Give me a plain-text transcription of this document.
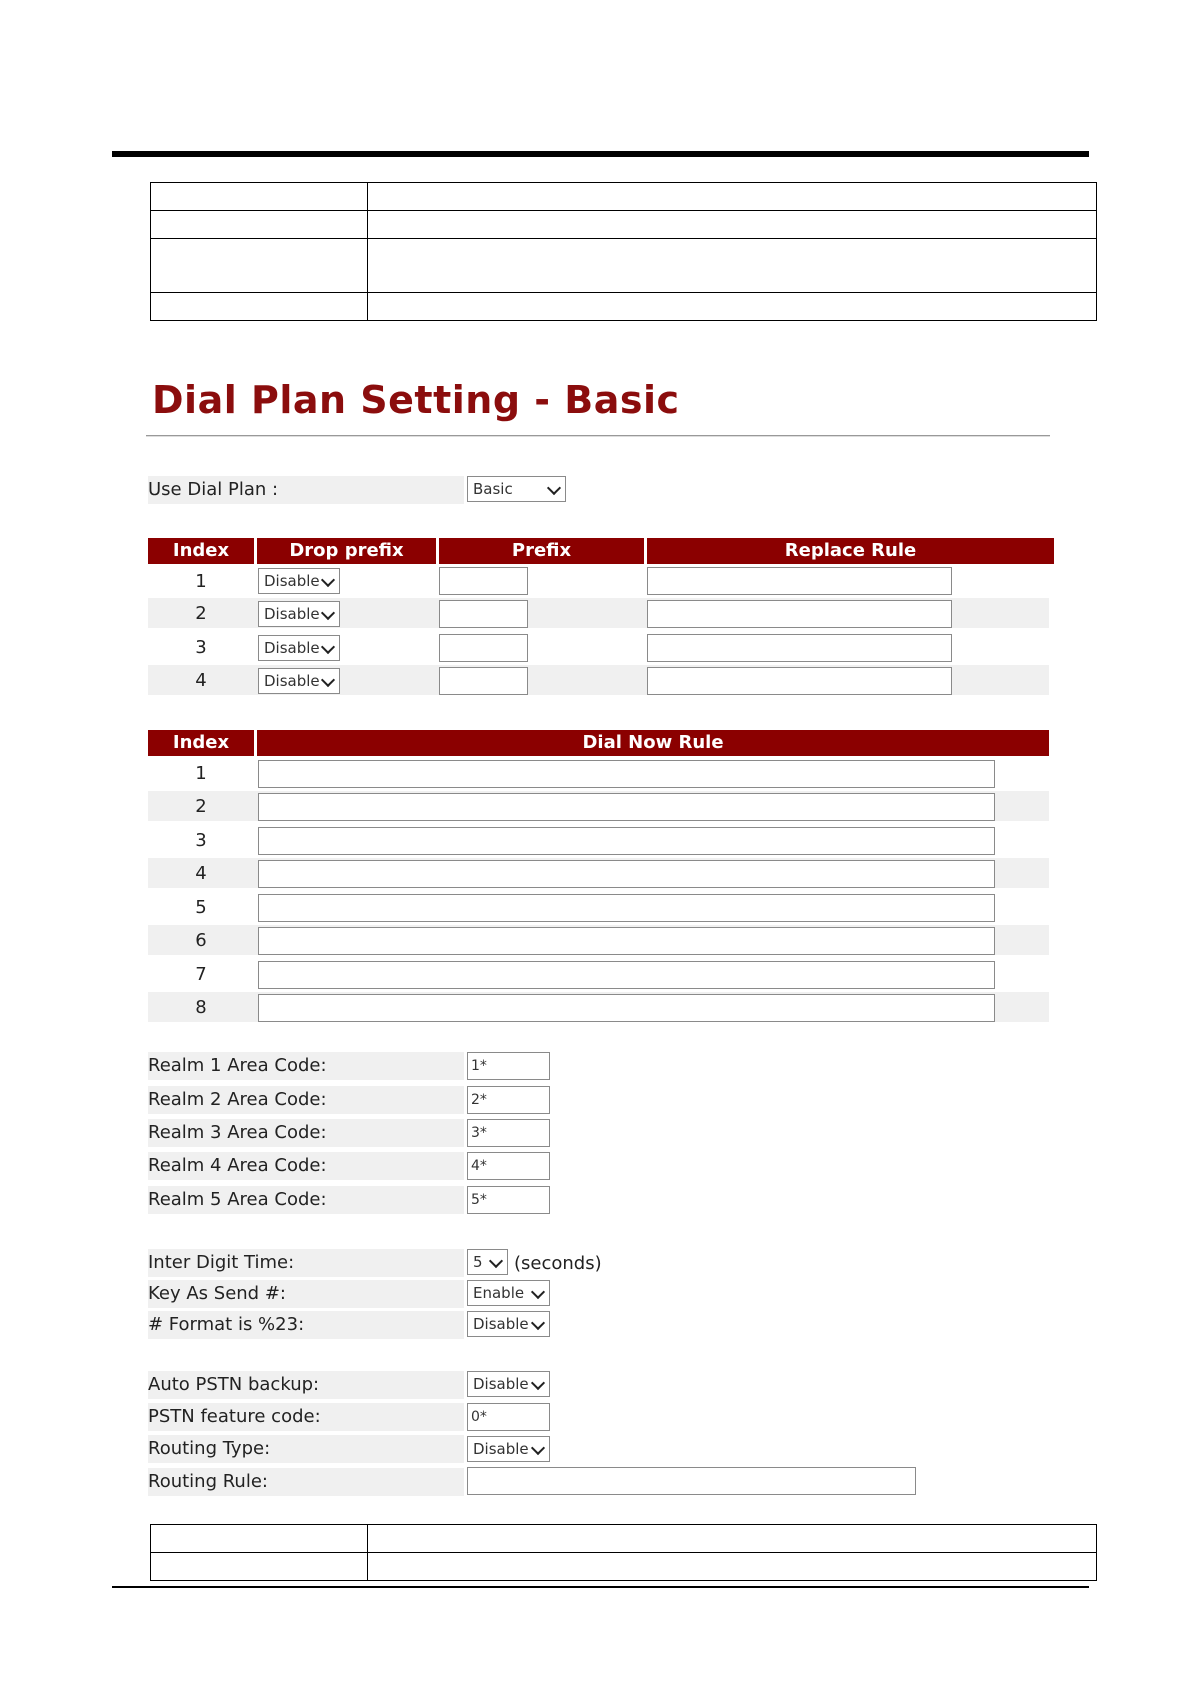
Dial Plan Setting - Basic
Use Dial Plan :	Basic
Index	Drop prefix	Prefix	Replace Rule
1	Disable
2	Disable
3	Disable
4	Disable
Index	Dial Now Rule
1
2
3
4
5
6
7
8
Realm 1 Area Code:	1*
Realm 2 Area Code:	2*
Realm 3 Area Code:	3*
Realm 4 Area Code:	4*
Realm 5 Area Code:	5*
Inter Digit Time:	5	(seconds)
Key As Send #:	Enable
# Format is %23:	Disable
Auto PSTN backup:	Disable
PSTN feature code:	0*
Routing Type:	Disable
Routing Rule:
